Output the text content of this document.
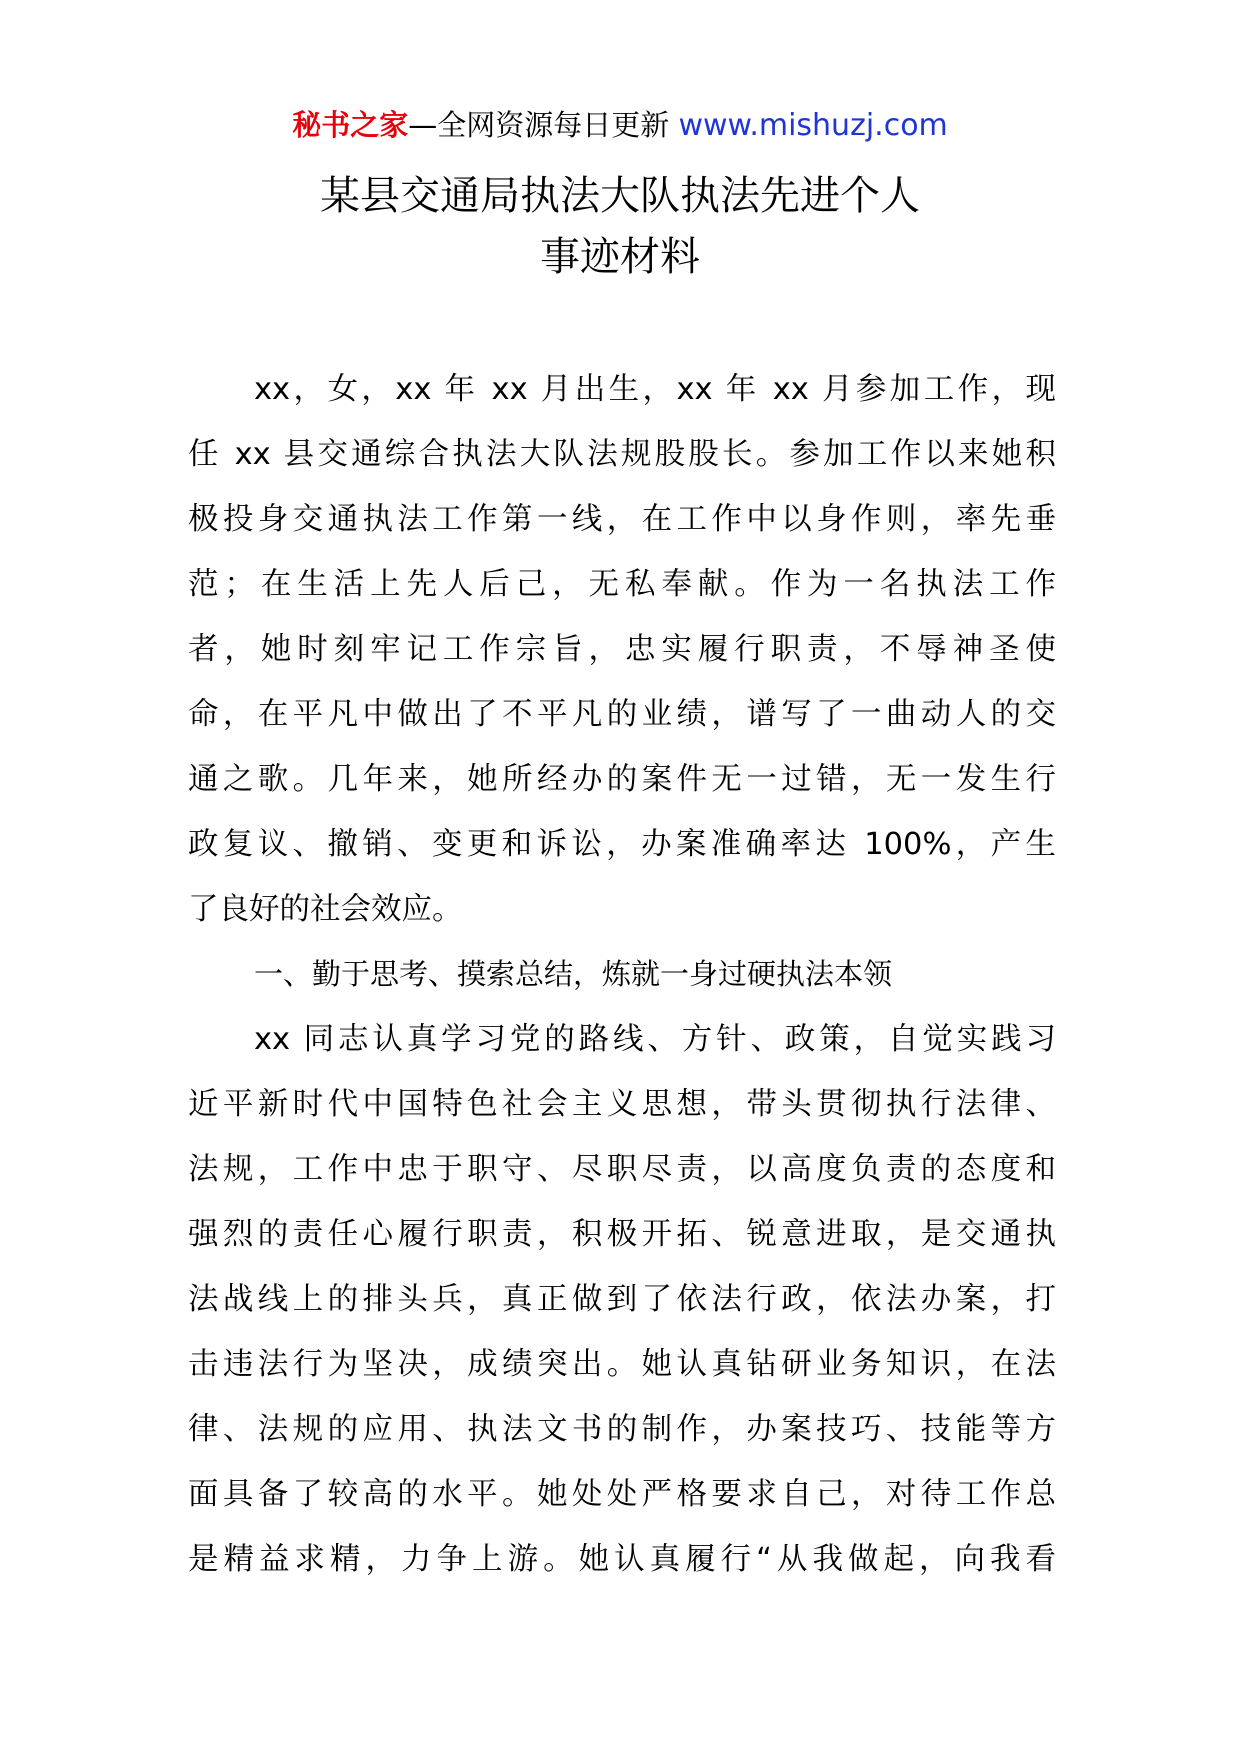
秘书之家—全网资源每日更新 www.mishuzj.com
某县交通局执法大队执法先进个人
事迹材料
xx，女，xx 年 xx 月出生，xx 年 xx 月参加工作，现
任 xx 县交通综合执法大队法规股股长。参加工作以来她积
极投身交通执法工作第一线，在工作中以身作则，率先垂
范；在生活上先人后己，无私奉献。作为一名执法工作
者，她时刻牢记工作宗旨，忠实履行职责，不辱神圣使
命，在平凡中做出了不平凡的业绩，谱写了一曲动人的交
通之歌。几年来，她所经办的案件无一过错，无一发生行
政复议、撤销、变更和诉讼，办案准确率达 100%，产生
了良好的社会效应。
一、勤于思考、摸索总结，炼就一身过硬执法本领
xx 同志认真学习党的路线、方针、政策，自觉实践习
近平新时代中国特色社会主义思想，带头贯彻执行法律、
法规，工作中忠于职守、尽职尽责，以高度负责的态度和
强烈的责任心履行职责，积极开拓、锐意进取，是交通执
法战线上的排头兵，真正做到了依法行政，依法办案，打
击违法行为坚决，成绩突出。她认真钻研业务知识，在法
律、法规的应用、执法文书的制作，办案技巧、技能等方
面具备了较高的水平。她处处严格要求自己，对待工作总
是精益求精，力争上游。她认真履行“从我做起，向我看
